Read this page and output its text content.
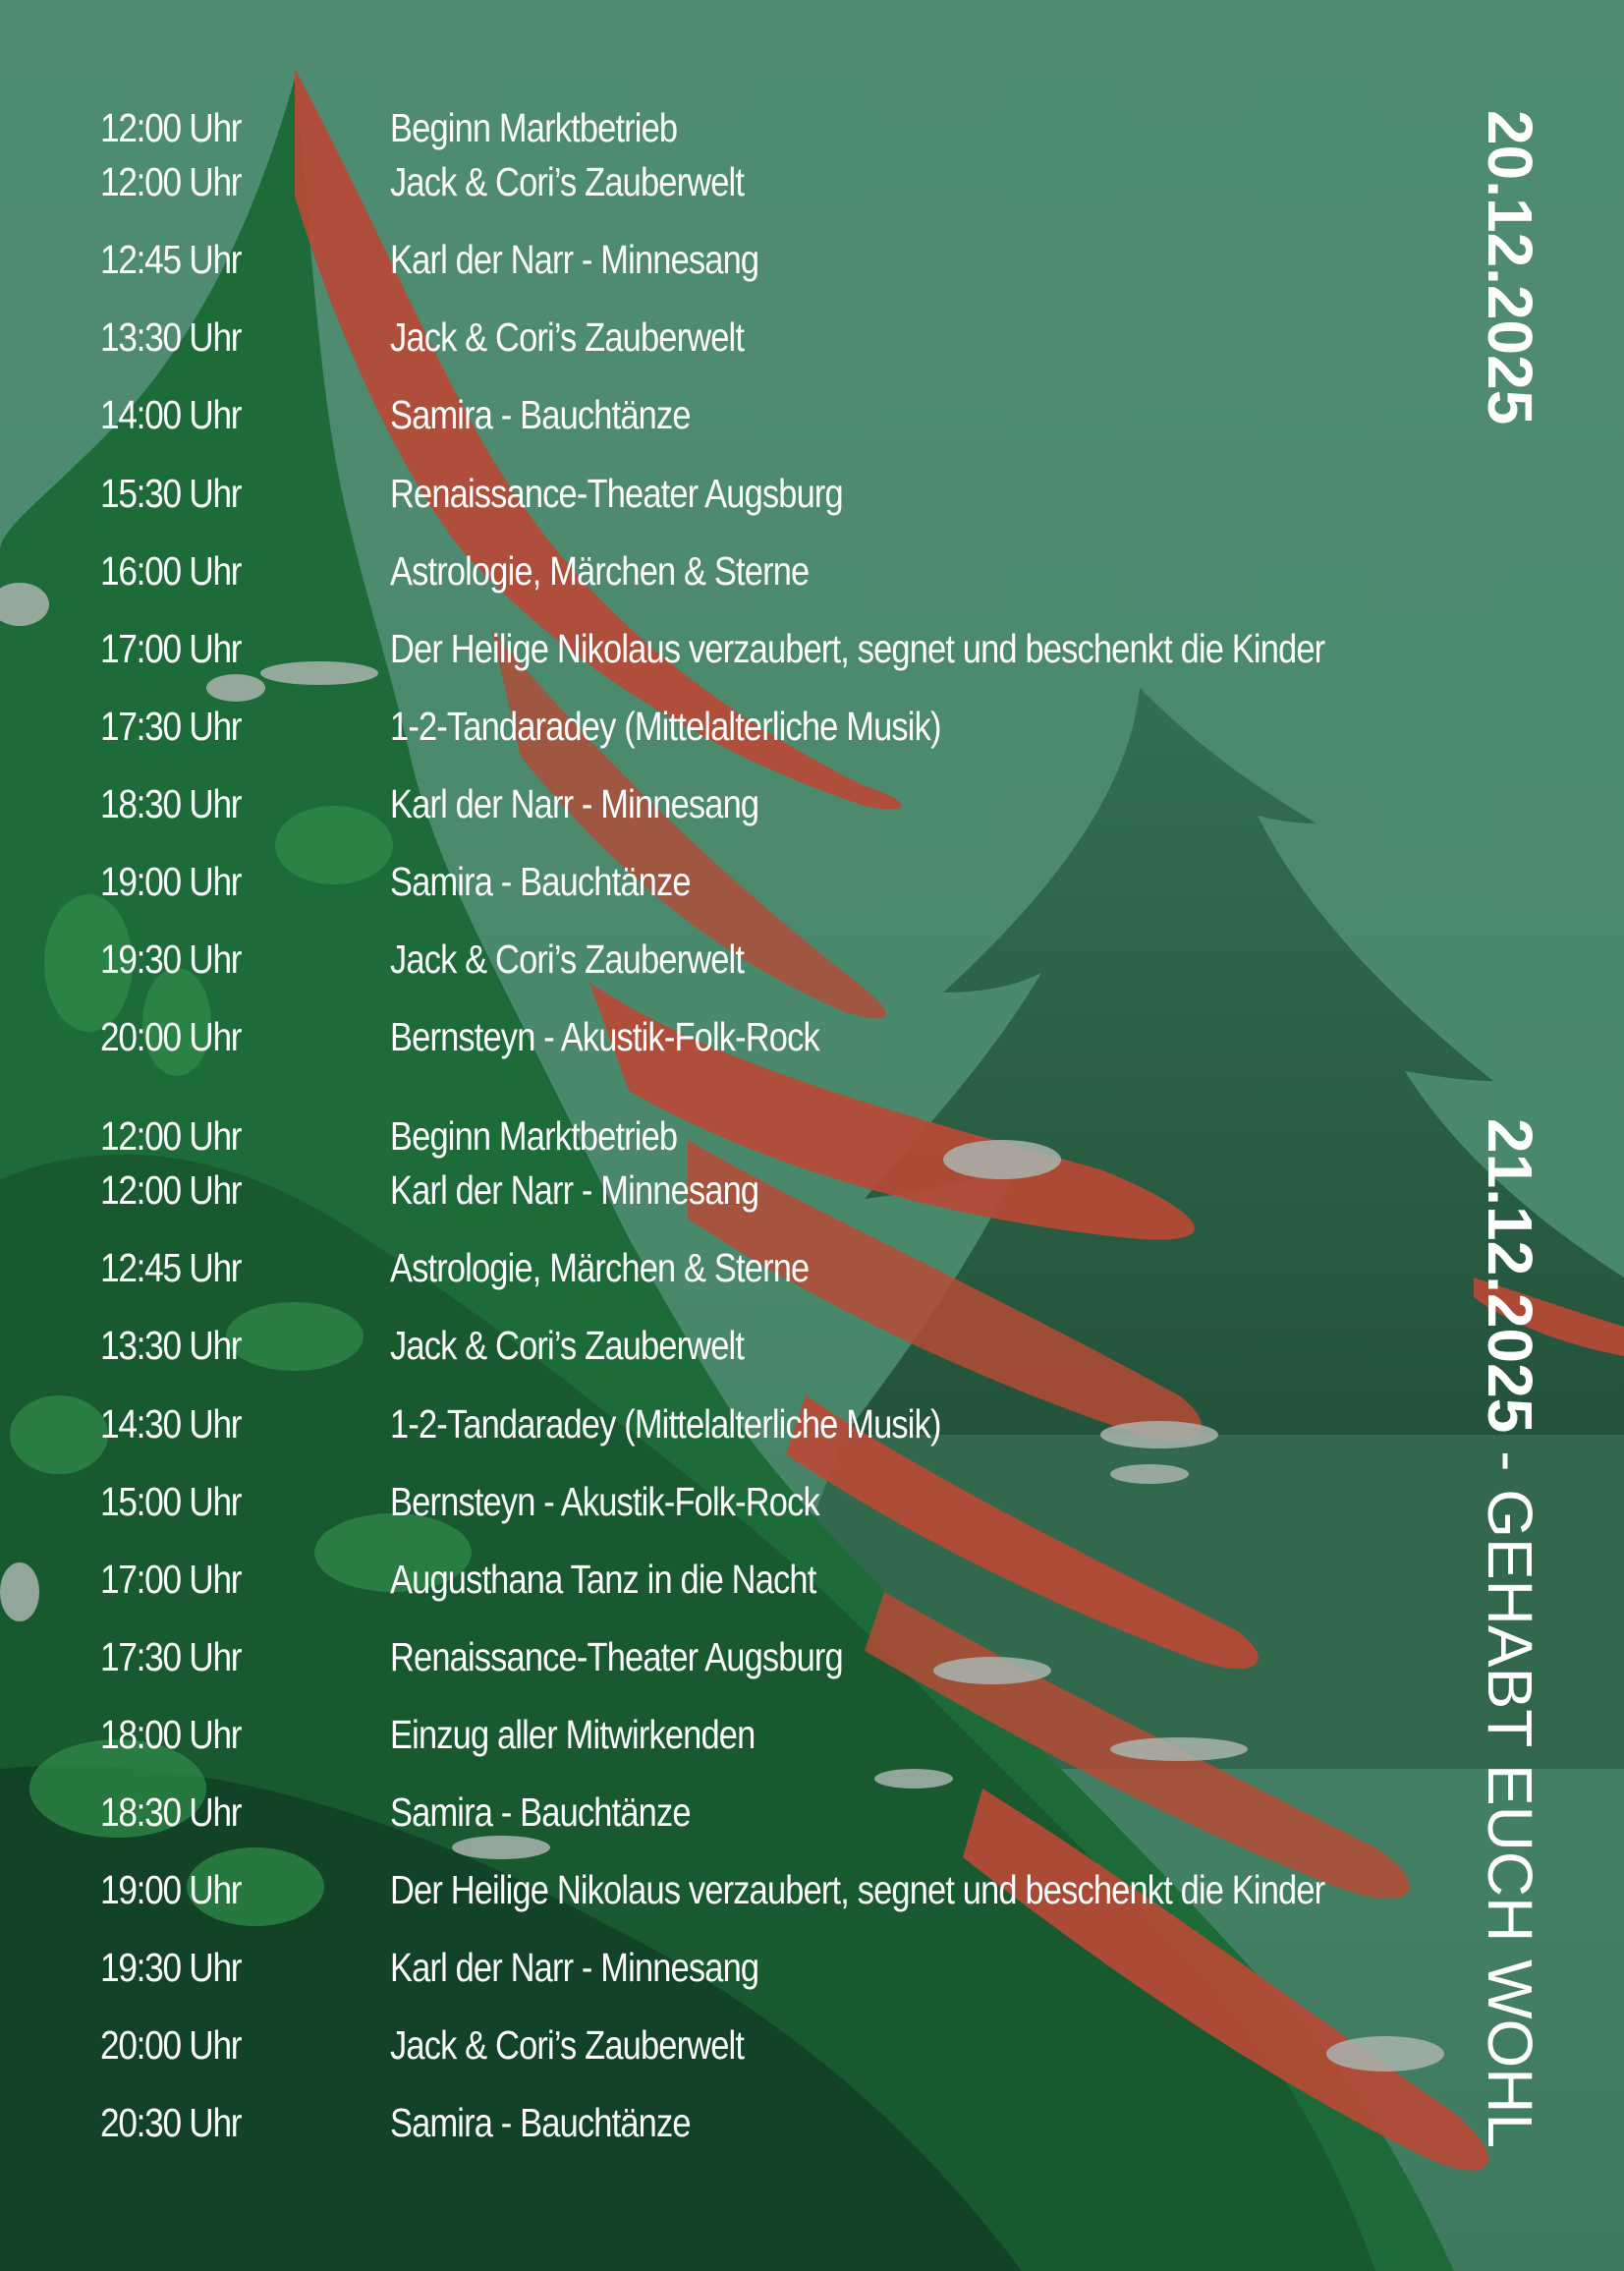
12:00 Uhr	Beginn Marktbetrieb
12:00 Uhr	Jack & Cori’s Zauberwelt
12:45 Uhr	Karl der Narr - Minnesang
13:30 Uhr	Jack & Cori’s Zauberwelt
14:00 Uhr	Samira - Bauchtänze
15:30 Uhr	Renaissance-Theater Augsburg
16:00 Uhr	Astrologie, Märchen & Sterne
17:00 Uhr	Der Heilige Nikolaus verzaubert, segnet und beschenkt die Kinder
17:30 Uhr	1-2-Tandaradey (Mittelalterliche Musik)
18:30 Uhr	Karl der Narr - Minnesang
19:00 Uhr	Samira - Bauchtänze
19:30 Uhr	Jack & Cori’s Zauberwelt
20:00 Uhr	Bernsteyn - Akustik-Folk-Rock
12:00 Uhr	Beginn Marktbetrieb
12:00 Uhr	Karl der Narr - Minnesang
12:45 Uhr	Astrologie, Märchen & Sterne
13:30 Uhr	Jack & Cori’s Zauberwelt
14:30 Uhr	1-2-Tandaradey (Mittelalterliche Musik)
15:00 Uhr	Bernsteyn - Akustik-Folk-Rock
17:00 Uhr	Augusthana Tanz in die Nacht
17:30 Uhr	Renaissance-Theater Augsburg
18:00 Uhr	Einzug aller Mitwirkenden
18:30 Uhr	Samira - Bauchtänze
19:00 Uhr	Der Heilige Nikolaus verzaubert, segnet und beschenkt die Kinder
19:30 Uhr	Karl der Narr - Minnesang
20:00 Uhr	Jack & Cori’s Zauberwelt
20:30 Uhr	Samira - Bauchtänze
20.12.2025
21.12.2025 - GEHABT EUCH WOHL
